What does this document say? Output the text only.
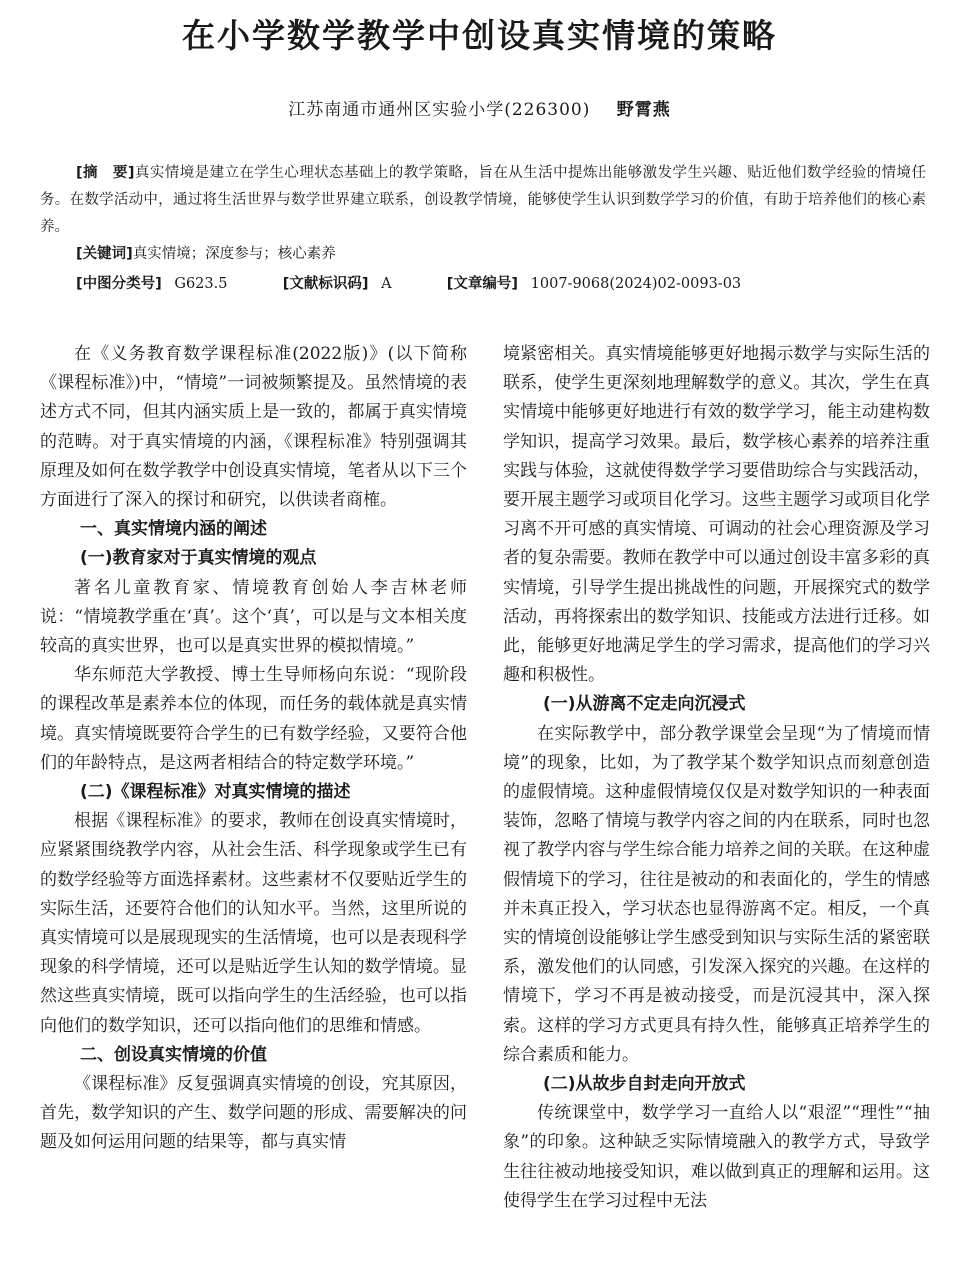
在小学数学教学中创设真实情境的策略
江苏南通市通州区实验小学(226300) 野霄燕

[摘　要]真实情境是建立在学生心理状态基础上的教学策略，旨在从生活中提炼出能够激发学生兴趣、贴近他们数学经验的情境任务。在数学活动中，通过将生活世界与数学世界建立联系，创设教学情境，能够使学生认识到数学学习的价值，有助于培养他们的核心素养。

[关键词]真实情境；深度参与；核心素养

[中图分类号] G623.5	[文献标识码] A	[文章编号] 1007-9068(2024)02-0093-03

在《义务教育数学课程标准(2022版)》(以下简称《课程标准》)中，“情境”一词被频繁提及。虽然情境的表述方式不同，但其内涵实质上是一致的，都属于真实情境的范畴。对于真实情境的内涵，《课程标准》特别强调其原理及如何在数学教学中创设真实情境，笔者从以下三个方面进行了深入的探讨和研究，以供读者商榷。

一、真实情境内涵的阐述
(一)教育家对于真实情境的观点

著名儿童教育家、情境教育创始人李吉林老师说：“情境教学重在‘真’。这个‘真’，可以是与文本相关度较高的真实世界，也可以是真实世界的模拟情境。”

华东师范大学教授、博士生导师杨向东说：“现阶段的课程改革是素养本位的体现，而任务的载体就是真实情境。真实情境既要符合学生的已有数学经验，又要符合他们的年龄特点，是这两者相结合的特定数学环境。”

(二)《课程标准》对真实情境的描述

根据《课程标准》的要求，教师在创设真实情境时，应紧紧围绕教学内容，从社会生活、科学现象或学生已有的数学经验等方面选择素材。这些素材不仅要贴近学生的实际生活，还要符合他们的认知水平。当然，这里所说的真实情境可以是展现现实的生活情境，也可以是表现科学现象的科学情境，还可以是贴近学生认知的数学情境。显然这些真实情境，既可以指向学生的生活经验，也可以指向他们的数学知识，还可以指向他们的思维和情感。

二、创设真实情境的价值

《课程标准》反复强调真实情境的创设，究其原因，首先，数学知识的产生、数学问题的形成、需要解决的问题及如何运用问题的结果等，都与真实情

境紧密相关。真实情境能够更好地揭示数学与实际生活的联系，使学生更深刻地理解数学的意义。其次，学生在真实情境中能够更好地进行有效的数学学习，能主动建构数学知识，提高学习效果。最后，数学核心素养的培养注重实践与体验，这就使得数学学习要借助综合与实践活动，要开展主题学习或项目化学习。这些主题学习或项目化学习离不开可感的真实情境、可调动的社会心理资源及学习者的复杂需要。教师在教学中可以通过创设丰富多彩的真实情境，引导学生提出挑战性的问题，开展探究式的数学活动，再将探索出的数学知识、技能或方法进行迁移。如此，能够更好地满足学生的学习需求，提高他们的学习兴趣和积极性。

(一)从游离不定走向沉浸式

在实际教学中，部分教学课堂会呈现“为了情境而情境”的现象，比如，为了教学某个数学知识点而刻意创造的虚假情境。这种虚假情境仅仅是对数学知识的一种表面装饰，忽略了情境与教学内容之间的内在联系，同时也忽视了教学内容与学生综合能力培养之间的关联。在这种虚假情境下的学习，往往是被动的和表面化的，学生的情感并未真正投入，学习状态也显得游离不定。相反，一个真实的情境创设能够让学生感受到知识与实际生活的紧密联系，激发他们的认同感，引发深入探究的兴趣。在这样的情境下，学习不再是被动接受，而是沉浸其中，深入探索。这样的学习方式更具有持久性，能够真正培养学生的综合素质和能力。

(二)从故步自封走向开放式

传统课堂中，数学学习一直给人以“艰涩”“理性”“抽象”的印象。这种缺乏实际情境融入的教学方式，导致学生往往被动地接受知识，难以做到真正的理解和运用。这使得学生在学习过程中无法
